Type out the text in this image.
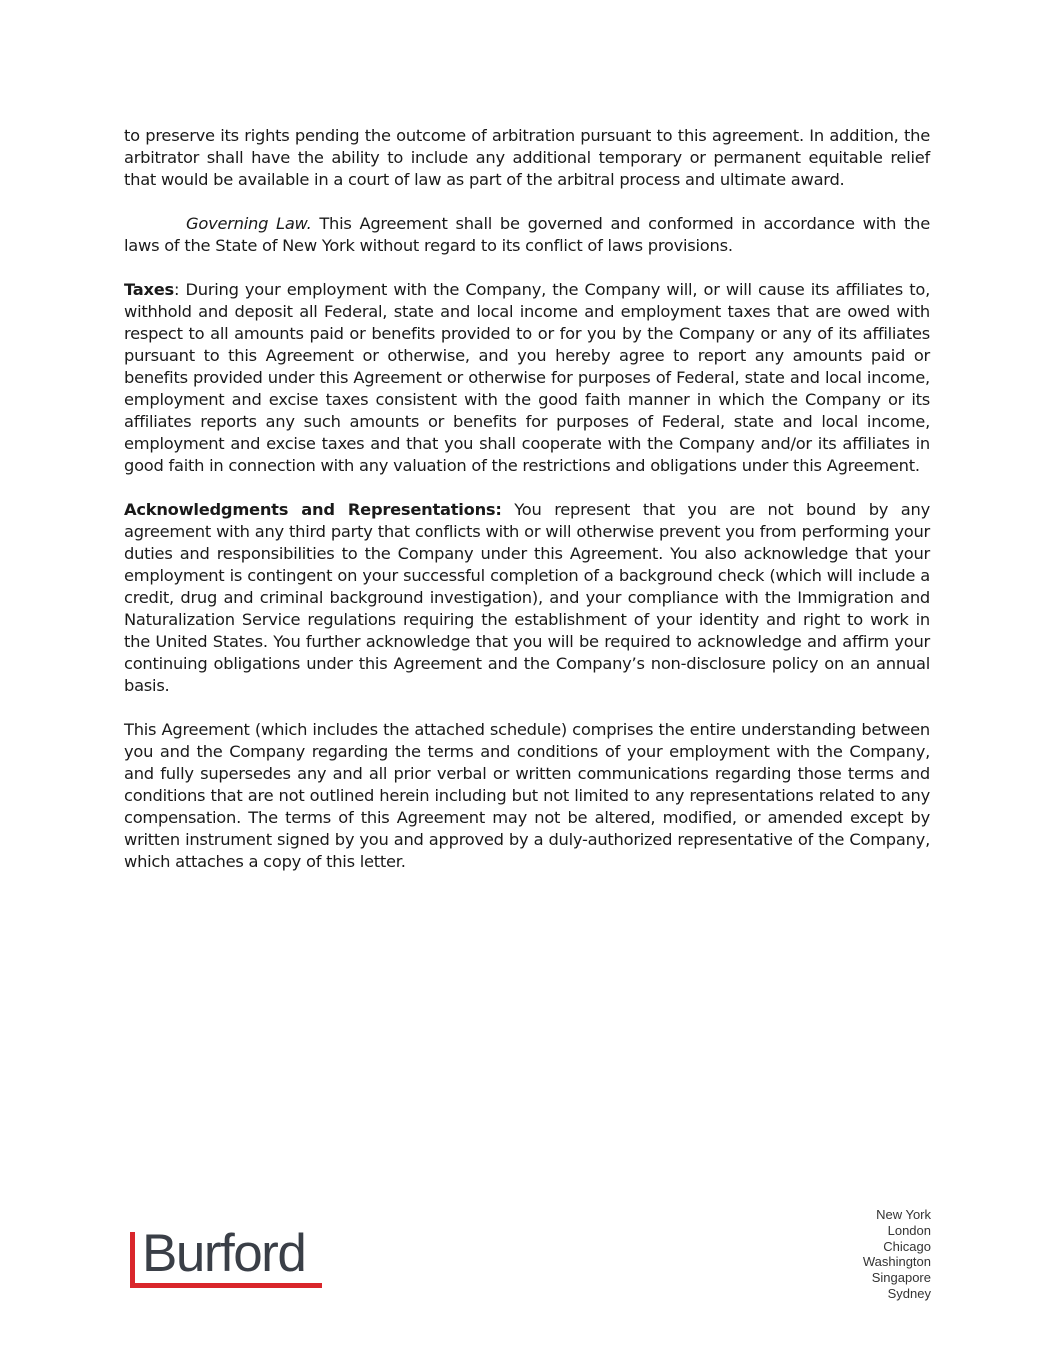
to preserve its rights pending the outcome of arbitration pursuant to this agreement. In addition, the arbitrator shall have the ability to include any additional temporary or permanent equitable relief that would be available in a court of law as part of the arbitral process and ultimate award.

Governing Law. This Agreement shall be governed and conformed in accordance with the laws of the State of New York without regard to its conflict of laws provisions.

Taxes: During your employment with the Company, the Company will, or will cause its affiliates to, withhold and deposit all Federal, state and local income and employment taxes that are owed with respect to all amounts paid or benefits provided to or for you by the Company or any of its affiliates pursuant to this Agreement or otherwise, and you hereby agree to report any amounts paid or benefits provided under this Agreement or otherwise for purposes of Federal, state and local income, employment and excise taxes consistent with the good faith manner in which the Company or its affiliates reports any such amounts or benefits for purposes of Federal, state and local income, employment and excise taxes and that you shall cooperate with the Company and/or its affiliates in good faith in connection with any valuation of the restrictions and obligations under this Agreement.

Acknowledgments and Representations: You represent that you are not bound by any agreement with any third party that conflicts with or will otherwise prevent you from performing your duties and responsibilities to the Company under this Agreement. You also acknowledge that your employment is contingent on your successful completion of a background check (which will include a credit, drug and criminal background investigation), and your compliance with the Immigration and Naturalization Service regulations requiring the establishment of your identity and right to work in the United States. You further acknowledge that you will be required to acknowledge and affirm your continuing obligations under this Agreement and the Company’s non-disclosure policy on an annual basis.

This Agreement (which includes the attached schedule) comprises the entire understanding between you and the Company regarding the terms and conditions of your employment with the Company, and fully supersedes any and all prior verbal or written communications regarding those terms and conditions that are not outlined herein including but not limited to any representations related to any compensation. The terms of this Agreement may not be altered, modified, or amended except by written instrument signed by you and approved by a duly-authorized representative of the Company, which attaches a copy of this letter.

Burford
New York
London
Chicago
Washington
Singapore
Sydney
